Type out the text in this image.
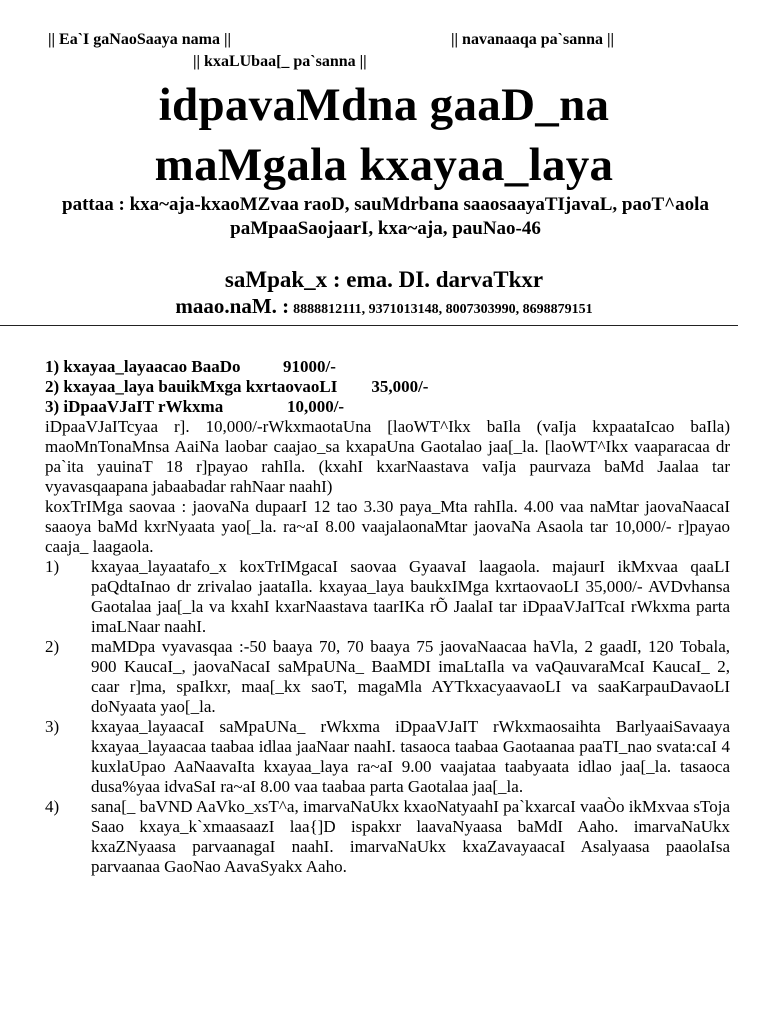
|| Ea`I gaNaoSaaya nama ||	|| navanaaqa pa`sanna ||
|| kxaLUbaa[_ pa`sanna ||
idpavaMdna gaaD_na
maMgala kxayaa_laya
pattaa : kxa~aja-kxaoMZvaa raoD, sauMdrbana saaosaayaTIjavaL, paoT^aola paMpaaSaojaarI, kxa~aja, pauNao-46
saMpak_x : ema. DI. darvaTkxr
maao.naM. : 8888812111, 9371013148, 8007303990, 8698879151
1) kxayaa_layaacao BaaDo          91000/-
2) kxayaa_laya bauikMxga kxrtaovaoLI        35,000/-
3) iDpaaVJaIT rWkxma               10,000/-
iDpaaVJaITcyaa r]. 10,000/-rWkxmaotaUna [laoWT^Ikx baIla (vaIja kxpaataIcao baIla) maoMnTonaMnsa AaiNa laobar caajao_sa kxapaUna Gaotalao jaa[_la. [laoWT^Ikx vaaparacaa dr pa`ita yauinaT 18 r]payao rahIla. (kxahI kxarNaastava vaIja paurvaza baMd Jaalaa tar vyavasqaapana jabaabadar rahNaar naahI)
koxTrIMga saovaa : jaovaNa dupaarI 12 tao 3.30 paya_Mta rahIla. 4.00 vaa naMtar jaovaNaacaI saaoya baMd kxrNyaata yao[_la. ra~aI 8.00 vaajalaonaMtar jaovaNa Asaola tar 10,000/- r]payao caaja_ laagaola.
1)	kxayaa_layaatafo_x koxTrIMgacaI saovaa GyaavaI laagaola. majaurI ikMxvaa qaaLI paQdtaInao dr zrivalao jaataIla. kxayaa_laya baukxIMga kxrtaovaoLI 35,000/- AVDvhansa Gaotalaa jaa[_la va kxahI kxarNaastava taarIKa rÕ JaalaI tar iDpaaVJaITcaI rWkxma parta imaLNaar naahI.
2)	maMDpa vyavasqaa :-50 baaya 70, 70 baaya 75 jaovaNaacaa haVla, 2 gaadI, 120 Tobala, 900 KaucaI_, jaovaNacaI saMpaUNa_ BaaMDI imaLtaIla va vaQauvaraMcaI KaucaI_ 2, caar r]ma, spaIkxr, maa[_kx saoT, magaMla AYTkxacyaavaoLI va saaKarpauDavaoLI doNyaata yao[_la.
3)	kxayaa_layaacaI saMpaUNa_ rWkxma iDpaaVJaIT rWkxmaosaihta BarlyaaiSavaaya kxayaa_layaacaa taabaa idlaa jaaNaar naahI. tasaoca taabaa Gaotaanaa paaTI_nao svata:caI 4 kuxlaUpao AaNaavaIta kxayaa_laya ra~aI 9.00 vaajataa taabyaata idlao jaa[_la. tasaoca dusa%yaa idvaSaI ra~aI 8.00 vaa taabaa parta Gaotalaa jaa[_la.
4)	sana[_ baVND AaVko_xsT^a, imarvaNaUkx kxaoNatyaahI pa`kxarcaI vaaÒo ikMxvaa sToja Saao kxaya_k`xmaasaazI laa{]D ispakxr laavaNyaasa baMdI Aaho. imarvaNaUkx kxaZNyaasa parvaanagaI naahI. imarvaNaUkx kxaZavayaacaI Asalyaasa paaolaIsa parvaanaa GaoNao AavaSyakx Aaho.
